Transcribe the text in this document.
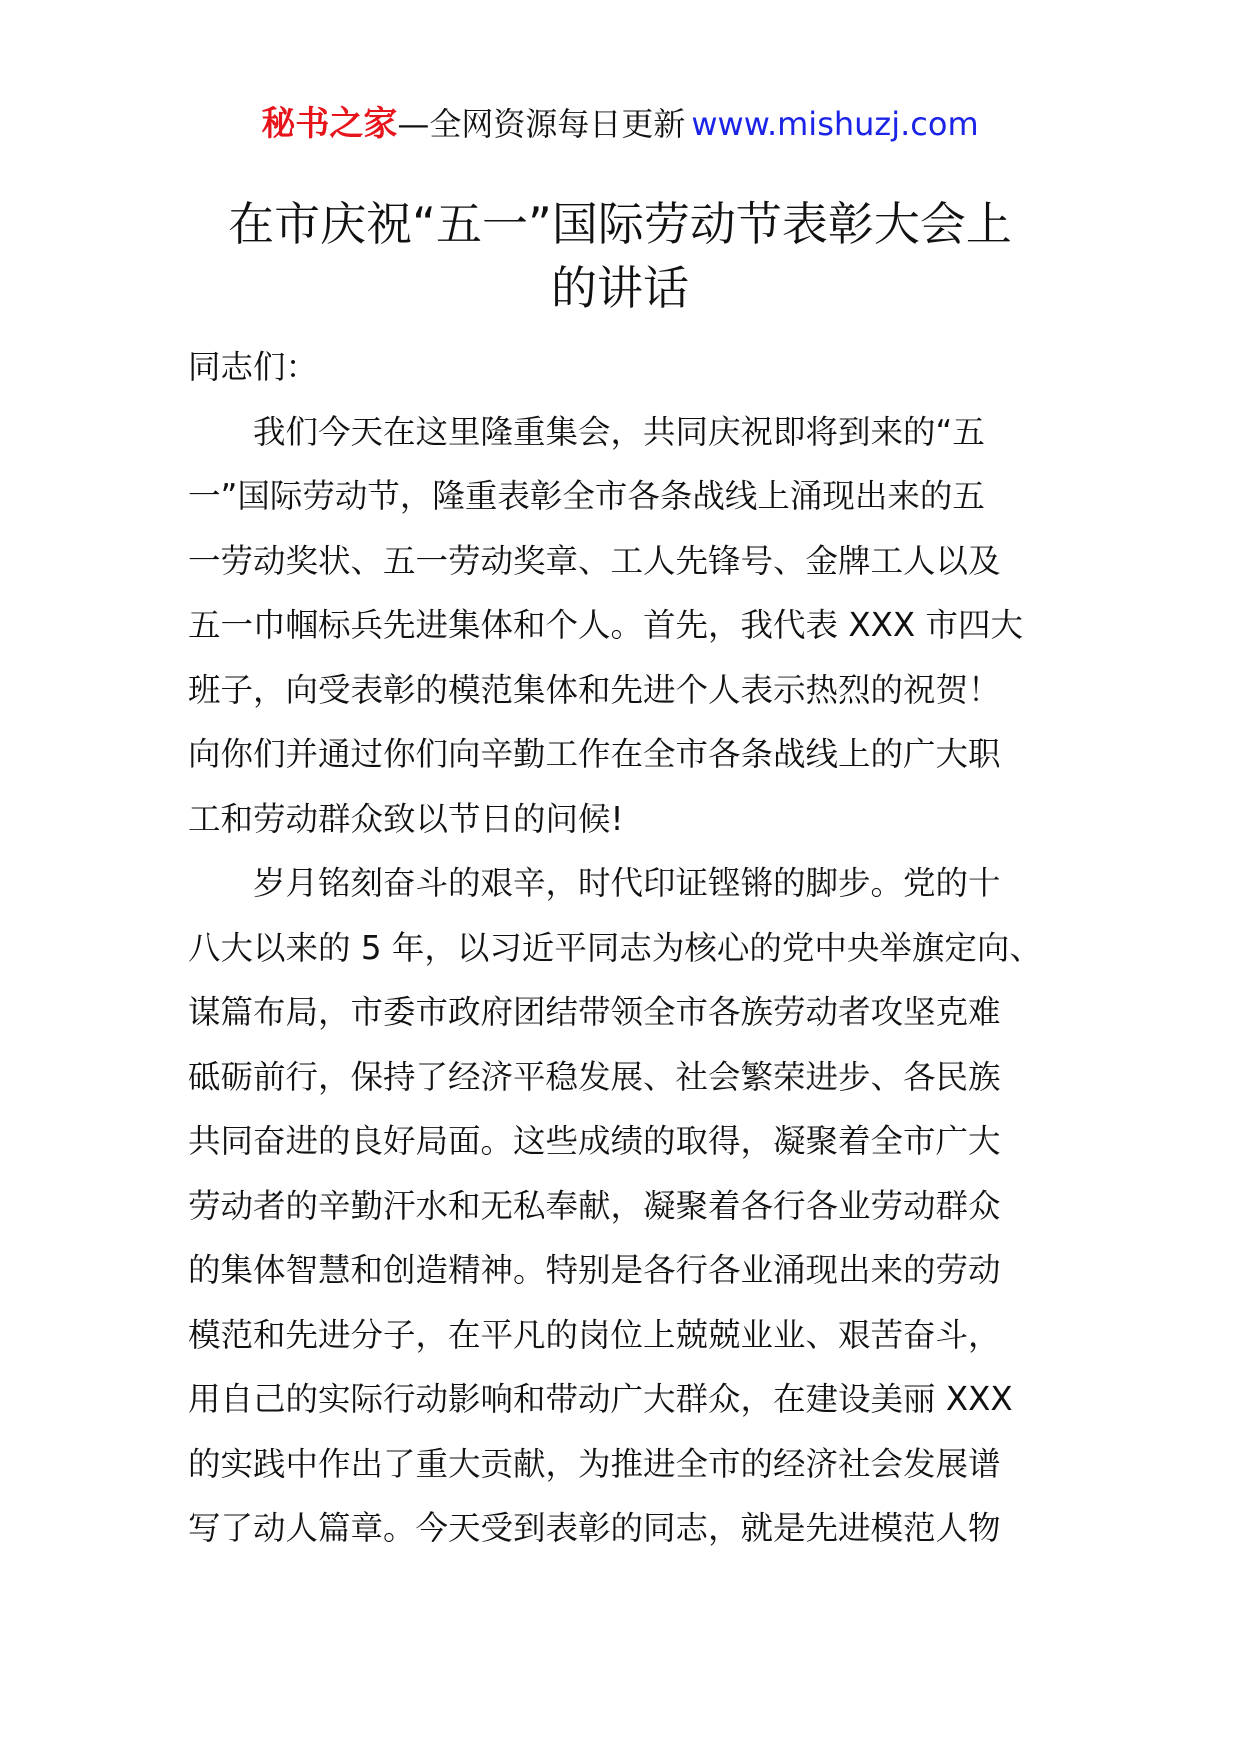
秘书之家—全网资源每日更新 www.mishuzj.com
在市庆祝“五一”国际劳动节表彰大会上
的讲话
同志们：
我们今天在这里隆重集会，共同庆祝即将到来的“五
一”国际劳动节，隆重表彰全市各条战线上涌现出来的五
一劳动奖状、五一劳动奖章、工人先锋号、金牌工人以及
五一巾帼标兵先进集体和个人。首先，我代表 XXX 市四大
班子，向受表彰的模范集体和先进个人表示热烈的祝贺！
向你们并通过你们向辛勤工作在全市各条战线上的广大职
工和劳动群众致以节日的问候!
岁月铭刻奋斗的艰辛，时代印证铿锵的脚步。党的十
八大以来的 5 年，以习近平同志为核心的党中央举旗定向、
谋篇布局，市委市政府团结带领全市各族劳动者攻坚克难
砥砺前行，保持了经济平稳发展、社会繁荣进步、各民族
共同奋进的良好局面。这些成绩的取得，凝聚着全市广大
劳动者的辛勤汗水和无私奉献，凝聚着各行各业劳动群众
的集体智慧和创造精神。特别是各行各业涌现出来的劳动
模范和先进分子，在平凡的岗位上兢兢业业、艰苦奋斗，
用自己的实际行动影响和带动广大群众，在建设美丽 XXX
的实践中作出了重大贡献，为推进全市的经济社会发展谱
写了动人篇章。今天受到表彰的同志，就是先进模范人物
